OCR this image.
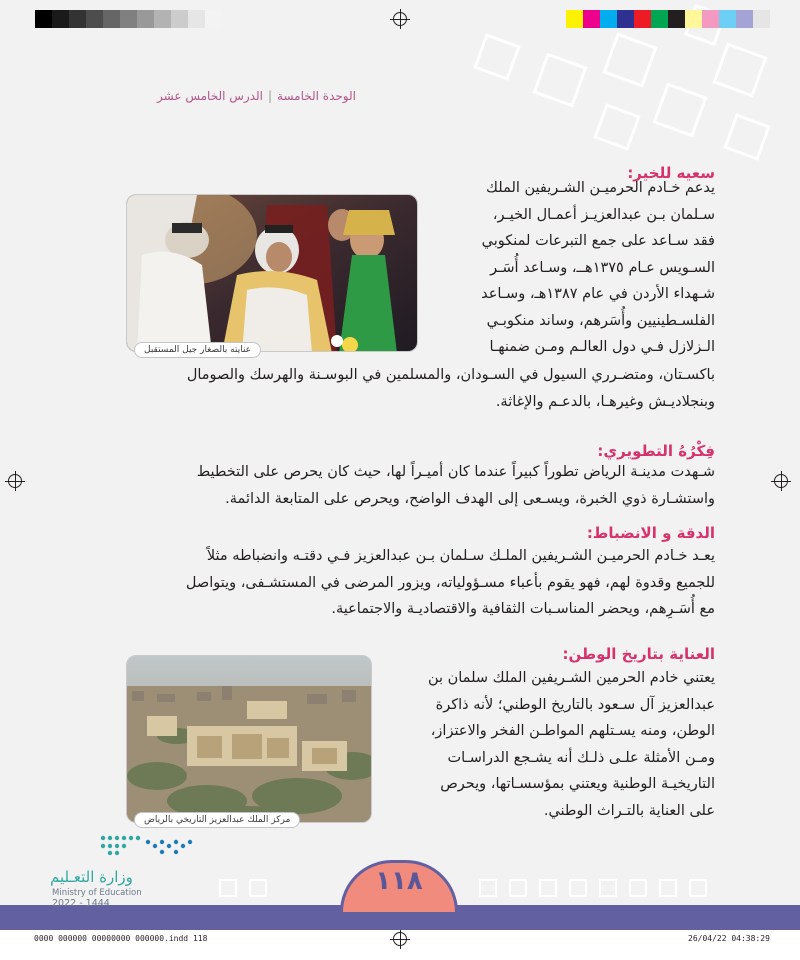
الوحدة الخامسة|الدرس الخامس عشر
سعيه للخير:
عنايته بالصغار جيل المستقبل
يدعم خـادم الحرميـن الشـريفين الملك
سـلمان بـن عبدالعزيـز أعمـال الخيـر،
فقد سـاعد على جمع التبرعات لمنكوبي
السـويس عـام ١٣٧٥هــ، وسـاعد أُسَـر
شـهداء الأردن في عام ١٣٨٧هـ، وسـاعد
الفلسـطينيين وأُسَرهم، وساند منكوبـي
الـزلازل فـي دول العالـم ومـن ضمنهـا
باكسـتان، ومتضـرري السيول في السـودان، والمسلمين في البوسـنة والهرسك والصومال
وبنجلاديـش وغيرهـا، بالدعـم والإغاثة.
فِكْرُهُ التطويري:
شـهدت مدينـة الرياض تطوراً كبيراً عندما كان أميـراً لها، حيث كان يحرص على التخطيط
واستشـارة ذوي الخبرة، ويسـعى إلى الهدف الواضح، ويحرص على المتابعة الدائمة.
الدقة و الانضباط:
يعـد خـادم الحرميـن الشـريفين الملـك سـلمان بـن عبدالعزيز فـي دقتـه وانضباطه مثلاً
للجميع وقدوة لهم، فهو يقوم بأعباء مسـؤولياته، ويزور المرضى في المستشـفى، ويتواصل
مع أُسَـرِهم، ويحضر المناسـبات الثقافية والاقتصاديـة والاجتماعية.
العناية بتاريخ الوطن:
مركز الملك عبدالعزيز التاريخي بالرياض
يعتني خادم الحرمين الشـريفين الملك سلمان بن
عبدالعزيز آل سـعود بالتاريخ الوطني؛ لأنه ذاكرة
الوطن، ومنه يسـتلهم المواطـن الفخر والاعتزاز،
ومـن الأمثلة علـى ذلـك أنه يشـجع الدراسـات
التاريخيـة الوطنية ويعتني بمؤسسـاتها، ويحرص
على العناية بالتـراث الوطني.
١١٨
وزارة التعـليم
Ministry of Education
2022 - 1444
0000 000000 00000000 000000.indd 118	26/04/22 04:38:29
